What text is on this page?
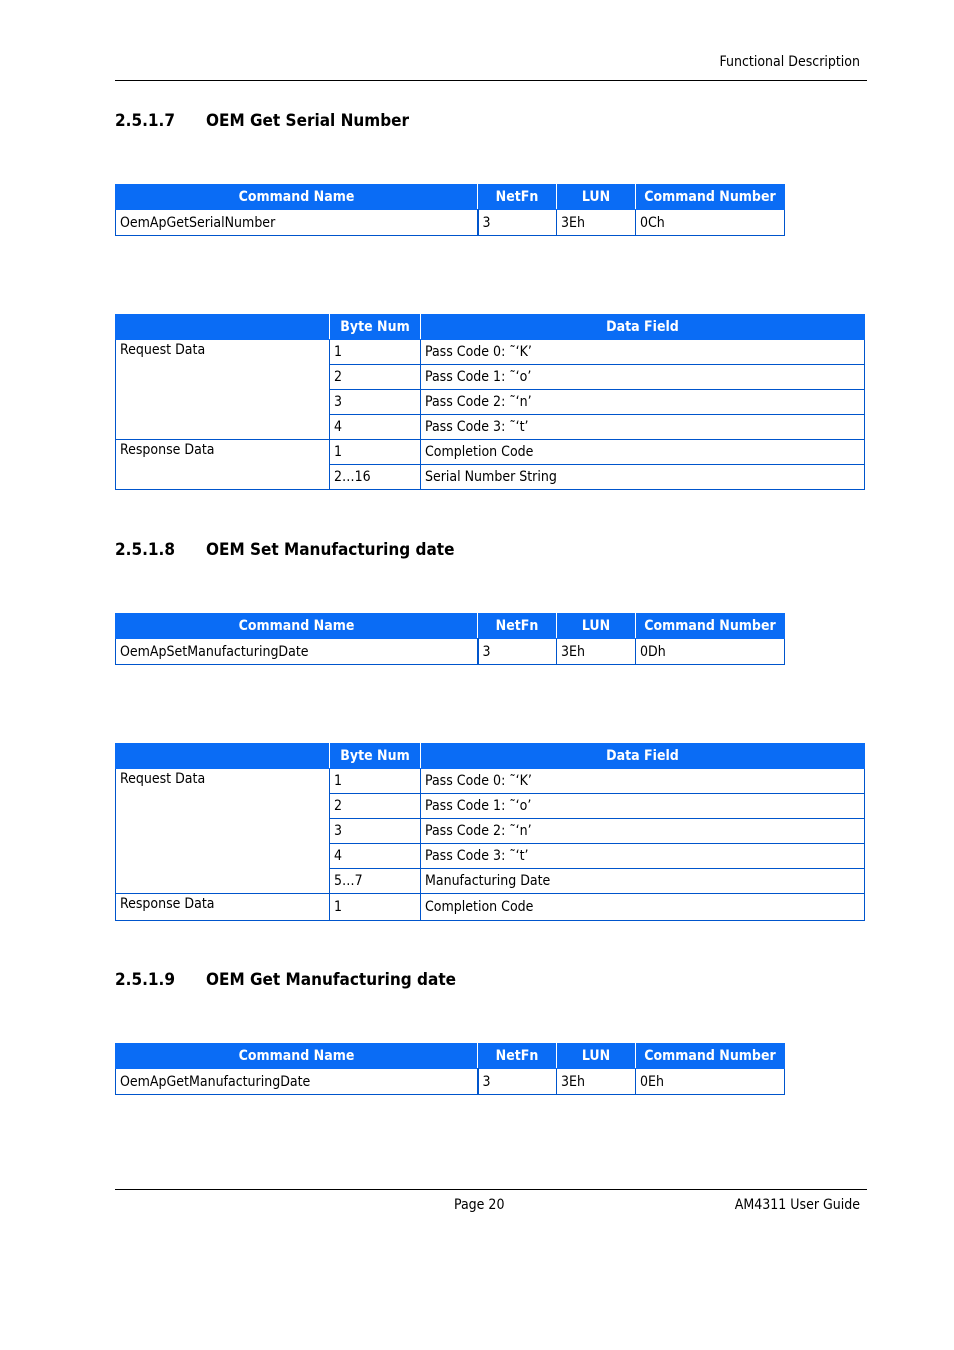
Functional Description
2.5.1.7 OEM Get Serial Number
Command Name	NetFn	LUN	Command Number
OemApGetSerialNumber	3	3Eh	0Ch
	Byte Num	Data Field
Request Data	1	Pass Code 0: ˜‘K’
	2	Pass Code 1: ˜‘o’
	3	Pass Code 2: ˜‘n’
	4	Pass Code 3: ˜‘t’
Response Data	1	Completion Code
	2…16	Serial Number String
2.5.1.8 OEM Set Manufacturing date
Command Name	NetFn	LUN	Command Number
OemApSetManufacturingDate	3	3Eh	0Dh
	Byte Num	Data Field
Request Data	1	Pass Code 0: ˜‘K’
	2	Pass Code 1: ˜‘o’
	3	Pass Code 2: ˜‘n’
	4	Pass Code 3: ˜‘t’
	5…7	Manufacturing Date
Response Data	1	Completion Code
2.5.1.9 OEM Get Manufacturing date
Command Name	NetFn	LUN	Command Number
OemApGetManufacturingDate	3	3Eh	0Eh
Page 20	AM4311 User Guide
